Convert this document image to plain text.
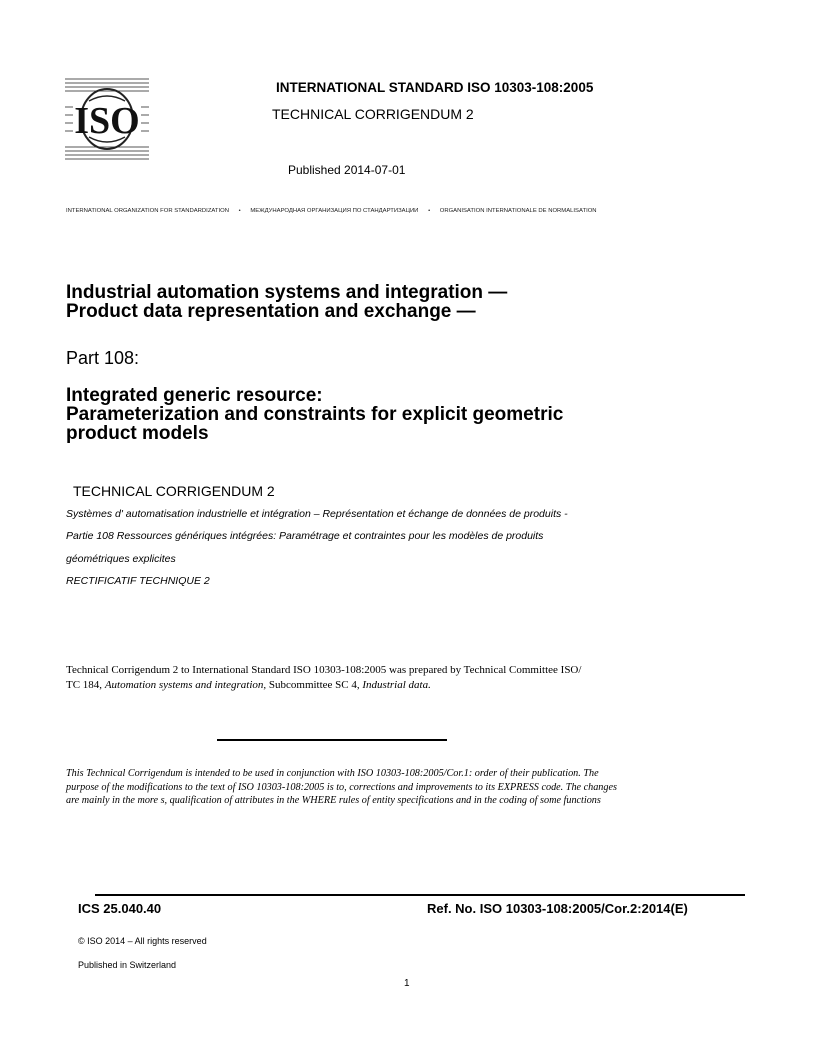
ISO
INTERNATIONAL STANDARD ISO 10303-108:2005
TECHNICAL CORRIGENDUM 2
Published 2014-07-01
INTERNATIONAL ORGANIZATION FOR STANDARDIZATION • МЕЖДУНАРОДНАЯ ОРГАНИЗАЦИЯ ПО СТАНДАРТИЗАЦИИ • ORGANISATION INTERNATIONALE DE NORMALISATION
Industrial automation systems and integration —
Product data representation and exchange —
Part 108:
Integrated generic resource:
Parameterization and constraints for explicit geometric
product models
TECHNICAL CORRIGENDUM 2
Systèmes d' automatisation industrielle et intégration – Représentation et échange de données de produits -
Partie 108 Ressources génériques intégrées: Paramétrage et contraintes pour les modèles de produits
géométriques explicites
RECTIFICATIF TECHNIQUE 2
Technical Corrigendum 2 to International Standard ISO 10303-108:2005 was prepared by Technical Committee ISO/
TC 184, Automation systems and integration, Subcommittee SC 4, Industrial data.
This Technical Corrigendum is intended to be used in conjunction with ISO 10303-108:2005/Cor.1: order of their publication. The
purpose of the modifications to the text of ISO 10303-108:2005 is to, corrections and improvements to its EXPRESS code. The changes
are mainly in the more s, qualification of attributes in the WHERE rules of entity specifications and in the coding of some functions
ICS 25.040.40	Ref. No. ISO 10303-108:2005/Cor.2:2014(E)
© ISO 2014 – All rights reserved
Published in Switzerland
1
